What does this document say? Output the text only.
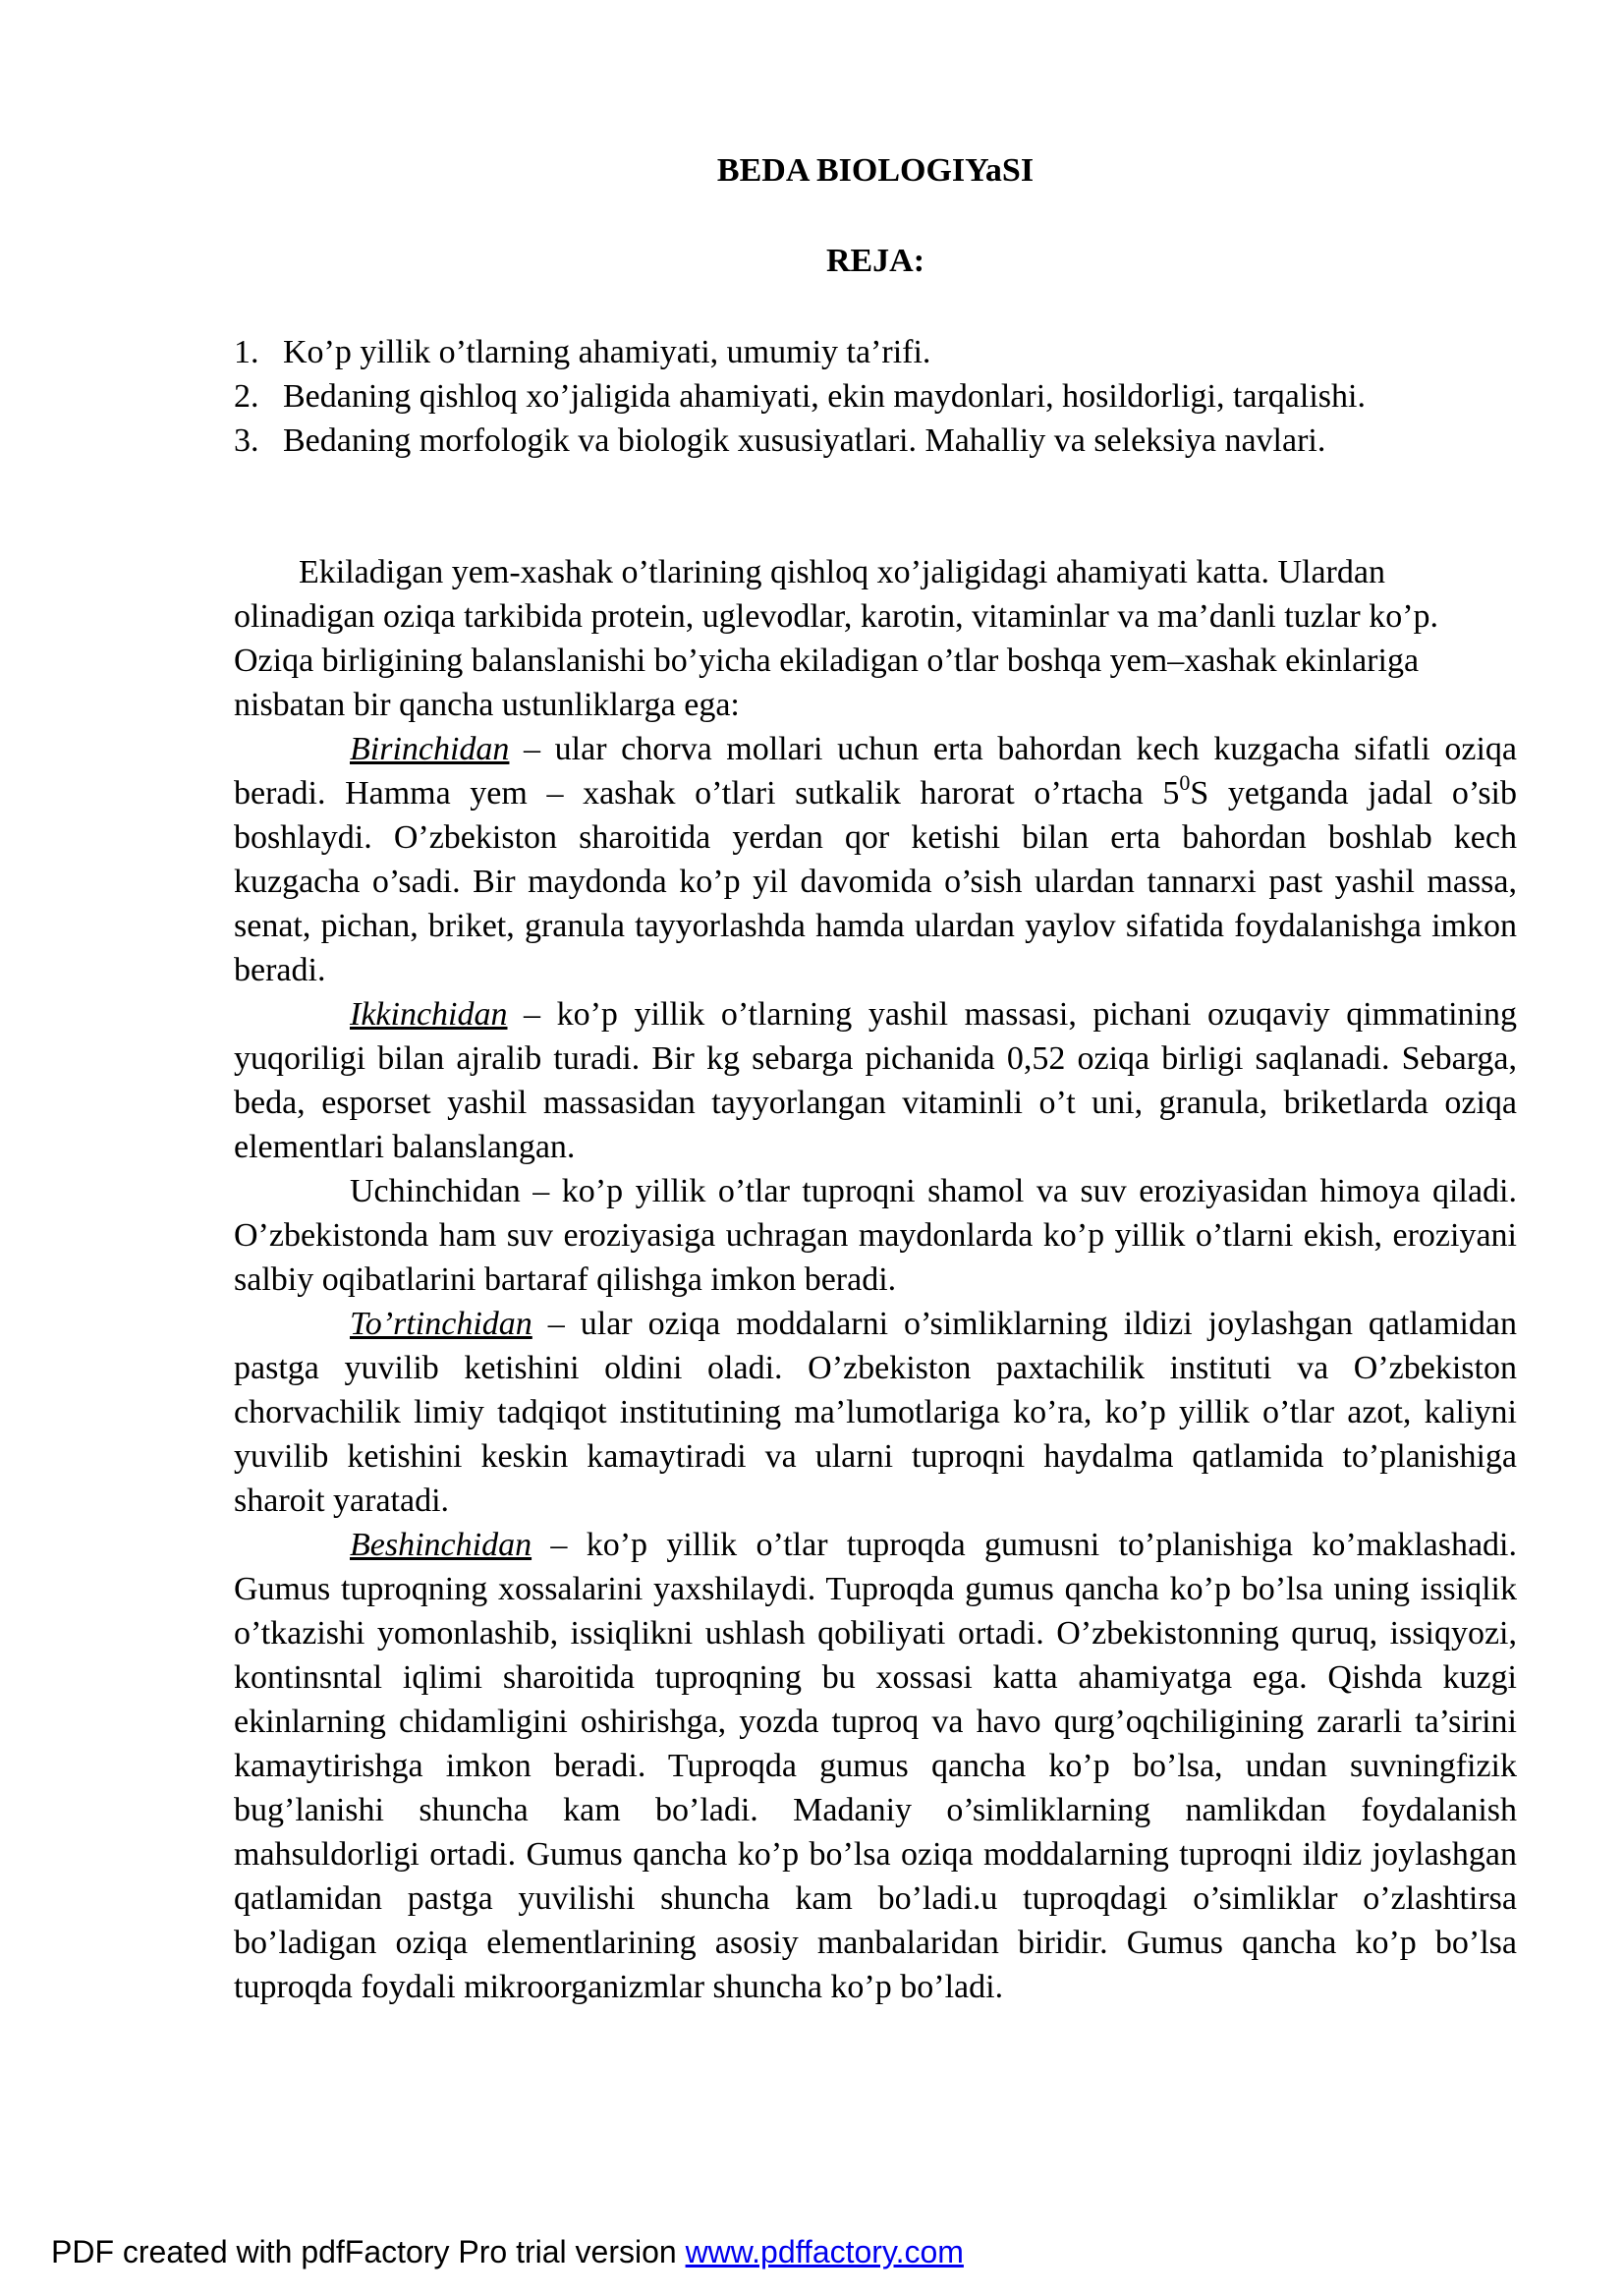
BEDA BIOLOGIYaSI
REJA:
1. Ko’p yillik o’tlarning ahamiyati, umumiy ta’rifi.
2. Bedaning qishloq xo’jaligida ahamiyati, ekin maydonlari, hosildorligi, tarqalishi.
3. Bedaning morfologik va biologik xususiyatlari. Mahalliy va seleksiya navlari.

Ekiladigan yem-xashak o’tlarining qishloq xo’jaligidagi ahamiyati katta. Ulardan olinadigan oziqa tarkibida protein, uglevodlar, karotin, vitaminlar va ma’danli tuzlar ko’p. Oziqa birligining balanslanishi bo’yicha ekiladigan o’tlar boshqa yem–xashak ekinlariga nisbatan bir qancha ustunliklarga ega:

Birinchidan – ular chorva mollari uchun erta bahordan kech kuzgacha sifatli oziqa beradi. Hamma yem – xashak o’tlari sutkalik harorat o’rtacha $5^0S$ yetganda jadal o’sib boshlaydi. O’zbekiston sharoitida yerdan qor ketishi bilan erta bahordan boshlab kech kuzgacha o’sadi. Bir maydonda ko’p yil davomida o’sish ulardan tannarxi past yashil massa, senat, pichan, briket, granula tayyorlashda hamda ulardan yaylov sifatida foydalanishga imkon beradi.

Ikkinchidan – ko’p yillik o’tlarning yashil massasi, pichani ozuqaviy qimmatining yuqoriligi bilan ajralib turadi. Bir kg sebarga pichanida 0,52 oziqa birligi saqlanadi. Sebarga, beda, esporset yashil massasidan tayyorlangan vitaminli o’t uni, granula, briketlarda oziqa elementlari balanslangan.

Uchinchidan – ko’p yillik o’tlar tuproqni shamol va suv eroziyasidan himoya qiladi. O’zbekistonda ham suv eroziyasiga uchragan maydonlarda ko’p yillik o’tlarni ekish, eroziyani salbiy oqibatlarini bartaraf qilishga imkon beradi.

To’rtinchidan – ular oziqa moddalarni o’simliklarning ildizi joylashgan qatlamidan pastga yuvilib ketishini oldini oladi. O’zbekiston paxtachilik instituti va O’zbekiston chorvachilik limiy tadqiqot institutining ma’lumotlariga ko’ra, ko’p yillik o’tlar azot, kaliyni yuvilib ketishini keskin kamaytiradi va ularni tuproqni haydalma qatlamida to’planishiga sharoit yaratadi.

Beshinchidan – ko’p yillik o’tlar tuproqda gumusni to’planishiga ko’maklashadi. Gumus tuproqning xossalarini yaxshilaydi. Tuproqda gumus qancha ko’p bo’lsa uning issiqlik o’tkazishi yomonlashib, issiqlikni ushlash qobiliyati ortadi. O’zbekistonning quruq, issiqyozi, kontinsntal iqlimi sharoitida tuproqning bu xossasi katta ahamiyatga ega. Qishda kuzgi ekinlarning chidamligini oshirishga, yozda tuproq va havo qurg’oqchiligining zararli ta’sirini kamaytirishga imkon beradi. Tuproqda gumus qancha ko’p bo’lsa, undan suvningfizik bug’lanishi shuncha kam bo’ladi. Madaniy o’simliklarning namlikdan foydalanish mahsuldorligi ortadi. Gumus qancha ko’p bo’lsa oziqa moddalarning tuproqni ildiz joylashgan qatlamidan pastga yuvilishi shuncha kam bo’ladi.u tuproqdagi o’simliklar o’zlashtirsa bo’ladigan oziqa elementlarining asosiy manbalaridan biridir. Gumus qancha ko’p bo’lsa tuproqda foydali mikroorganizmlar shuncha ko’p bo’ladi.

PDF created with pdfFactory Pro trial version www.pdffactory.com
